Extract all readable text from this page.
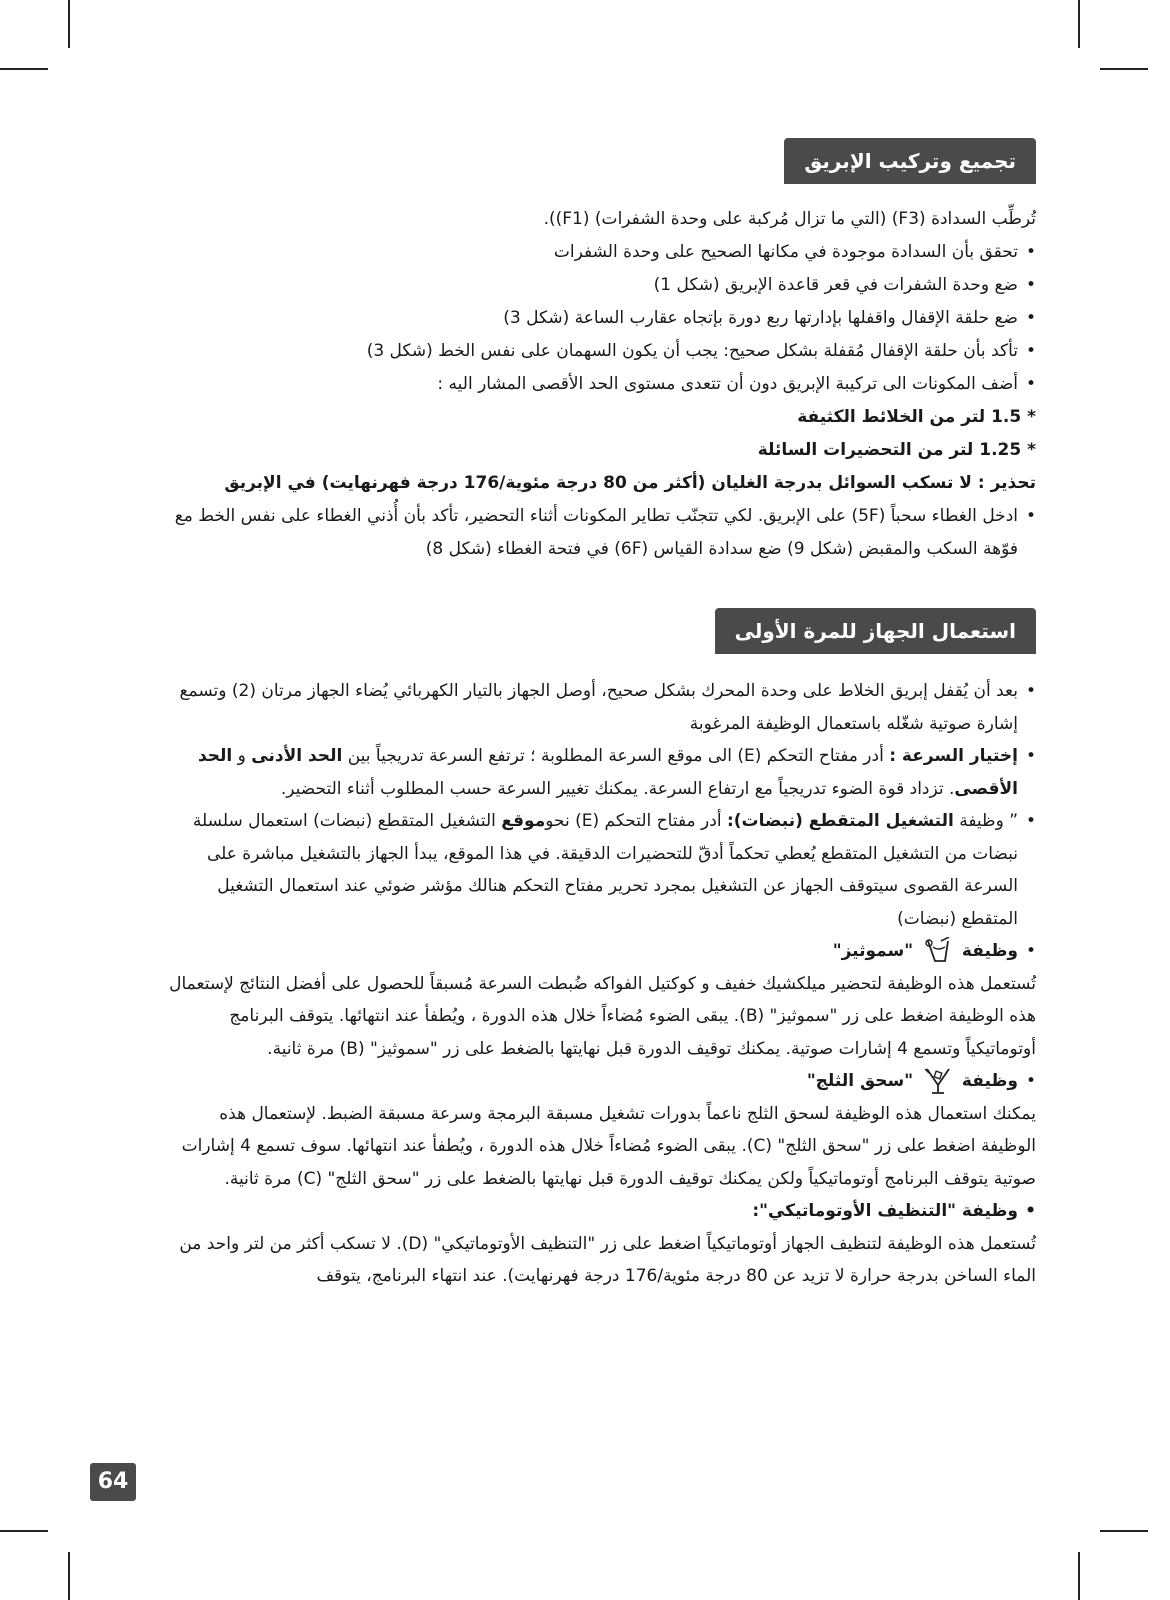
تجميع وتركيب الإبريق

تُرطِّب السدادة (F3) (التي ما تزال مُركبة على وحدة الشفرات) (F1)).

• تحقق بأن السدادة موجودة في مكانها الصحيح على وحدة الشفرات
• ضع وحدة الشفرات في قعر قاعدة الإبريق (شكل 1)
• ضع حلقة الإقفال واقفلها بإدارتها ربع دورة بإتجاه عقارب الساعة (شكل 3)
• تأكد بأن حلقة الإقفال مُقفلة بشكل صحيح: يجب أن يكون السهمان على نفس الخط (شكل 3)
• أضف المكونات الى تركيبة الإبريق دون أن تتعدى مستوى الحد الأقصى المشار اليه :

* 1.5 لتر من الخلائط الكثيفة

* 1.25 لتر من التحضيرات السائلة

تحذير : لا تسكب السوائل بدرجة الغليان (أكثر من 80 درجة مئوية/176 درجة فهرنهايت) في الإبريق

• ادخل الغطاء سحباً (5F) على الإبريق. لكي تتجنّب تطاير المكونات أثناء التحضير، تأكد بأن أُذني الغطاء على نفس الخط مع فوّهة السكب والمقبض (شكل 9) ضع سدادة القياس (6F) في فتحة الغطاء (شكل 8)
استعمال الجهاز للمرة الأولى
• بعد أن يُقفل إبريق الخلاط على وحدة المحرك بشكل صحيح، أوصل الجهاز بالتيار الكهربائي يُضاء الجهاز مرتان (2) وتسمع إشارة صوتية شغّله باستعمال الوظيفة المرغوبة
• إختيار السرعة : أدر مفتاح التحكم (E) الى موقع السرعة المطلوبة ؛ ترتفع السرعة تدريجياً بين الحد الأدنى و الحد الأقصى. تزداد قوة الضوء تدريجياً مع ارتفاع السرعة. يمكنك تغيير السرعة حسب المطلوب أثناء التحضير.
• ” وظيفة التشغيل المتقطع (نبضات): أدر مفتاح التحكم (E) نحوموقع التشغيل المتقطع (نبضات) استعمال سلسلة نبضات من التشغيل المتقطع يُعطي تحكماً أدقّ للتحضيرات الدقيقة. في هذا الموقع، يبدأ الجهاز بالتشغيل مباشرة على السرعة القصوى سيتوقف الجهاز عن التشغيل بمجرد تحرير مفتاح التحكم هنالك مؤشر ضوئي عند استعمال التشغيل المتقطع (نبضات)
• وظيفة  "سموثيز"

تُستعمل هذه الوظيفة لتحضير ميلكشيك خفيف و كوكتيل الفواكه ضُبطت السرعة مُسبقاً للحصول على أفضل النتائج لإستعمال هذه الوظيفة اضغط على زر "سموثيز" (B). يبقى الضوء مُضاءاً خلال هذه الدورة ، ويُطفأ عند انتهائها. يتوقف البرنامج أوتوماتيكياً وتسمع 4 إشارات صوتية. يمكنك توقيف الدورة قبل نهايتها بالضغط على زر "سموثيز" (B) مرة ثانية.

• وظيفة  "سحق الثلج"

يمكنك استعمال هذه الوظيفة لسحق الثلج ناعماً بدورات تشغيل مسبقة البرمجة وسرعة مسبقة الضبط. لإستعمال هذه الوظيفة اضغط على زر "سحق الثلج" (C). يبقى الضوء مُضاءاً خلال هذه الدورة ، ويُطفأ عند انتهائها. سوف تسمع 4 إشارات صوتية يتوقف البرنامج أوتوماتيكياً ولكن يمكنك توقيف الدورة قبل نهايتها بالضغط على زر "سحق الثلج" (C) مرة ثانية.

• وظيفة "التنظيف الأوتوماتيكي":

تُستعمل هذه الوظيفة لتنظيف الجهاز أوتوماتيكياً اضغط على زر "التنظيف الأوتوماتيكي" (D). لا تسكب أكثر من لتر واحد من الماء الساخن بدرجة حرارة لا تزيد عن 80 درجة مئوية/176 درجة فهرنهايت). عند انتهاء البرنامج، يتوقف

64
